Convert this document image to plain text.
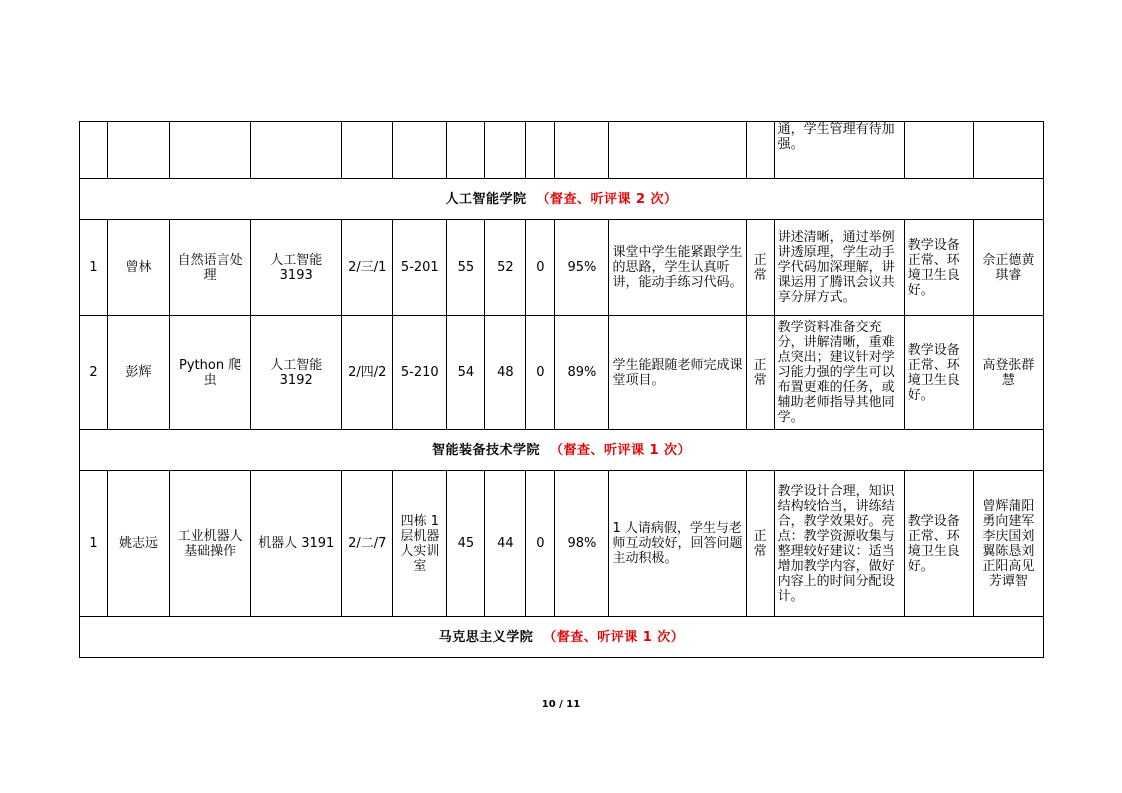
												通，学生管理有待加强。		
人工智能学院 （督查、听评课 2 次）														
1	曾林	自然语言处理	人工智能3193	2/三/1	5-201	55	52	0	95%	课堂中学生能紧跟学生的思路，学生认真听讲，能动手练习代码。	正常	讲述清晰，通过举例讲透原理，学生动手学代码加深理解，讲课运用了腾讯会议共享分屏方式。	教学设备正常、环境卫生良好。	佘正德黄琪睿
2	彭辉	Python 爬虫	人工智能3192	2/四/2	5-210	54	48	0	89%	学生能跟随老师完成课堂项目。	正常	教学资料准备交充分，讲解清晰，重难点突出；建议针对学习能力强的学生可以布置更难的任务，或辅助老师指导其他同学。	教学设备正常、环境卫生良好。	高登张群慧
智能装备技术学院 （督查、听评课 1 次）														
1	姚志远	工业机器人基础操作	机器人 3191	2/二/7	四栋 1 层机器人实训室	45	44	0	98%	1 人请病假，学生与老师互动较好，回答问题主动积极。	正常	教学设计合理，知识结构较恰当，讲练结合，教学效果好。亮点：教学资源收集与整理较好建议：适当增加教学内容，做好内容上的时间分配设计。	教学设备正常、环境卫生良好。	曾辉蒲阳勇向建军李庆国刘翼陈恳刘正阳高见芳谭智
马克思主义学院 （督查、听评课 1 次）														
10 / 11
